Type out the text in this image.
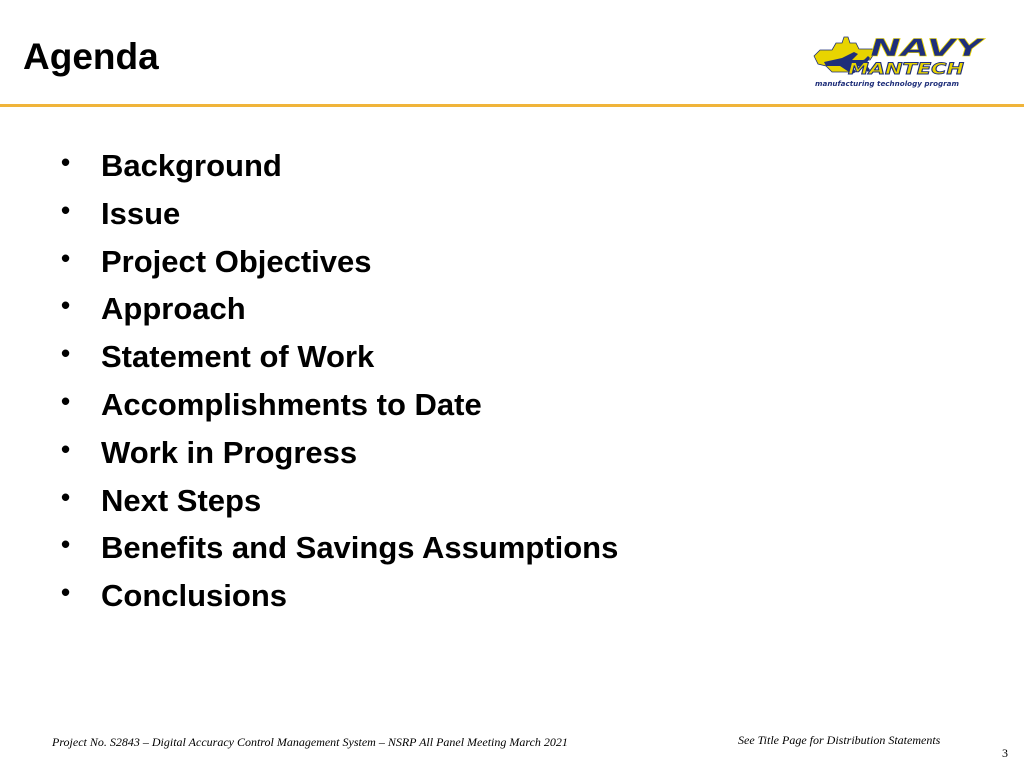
Agenda	NAVY
MANTECH
manufacturing technology program
• Background
• Issue
• Project Objectives
• Approach
• Statement of Work
• Accomplishments to Date
• Work in Progress
• Next Steps
• Benefits and Savings Assumptions
• Conclusions
Project No. S2843 – Digital Accuracy Control Management System – NSRP All Panel Meeting March 2021	See Title Page for Distribution Statements
3
